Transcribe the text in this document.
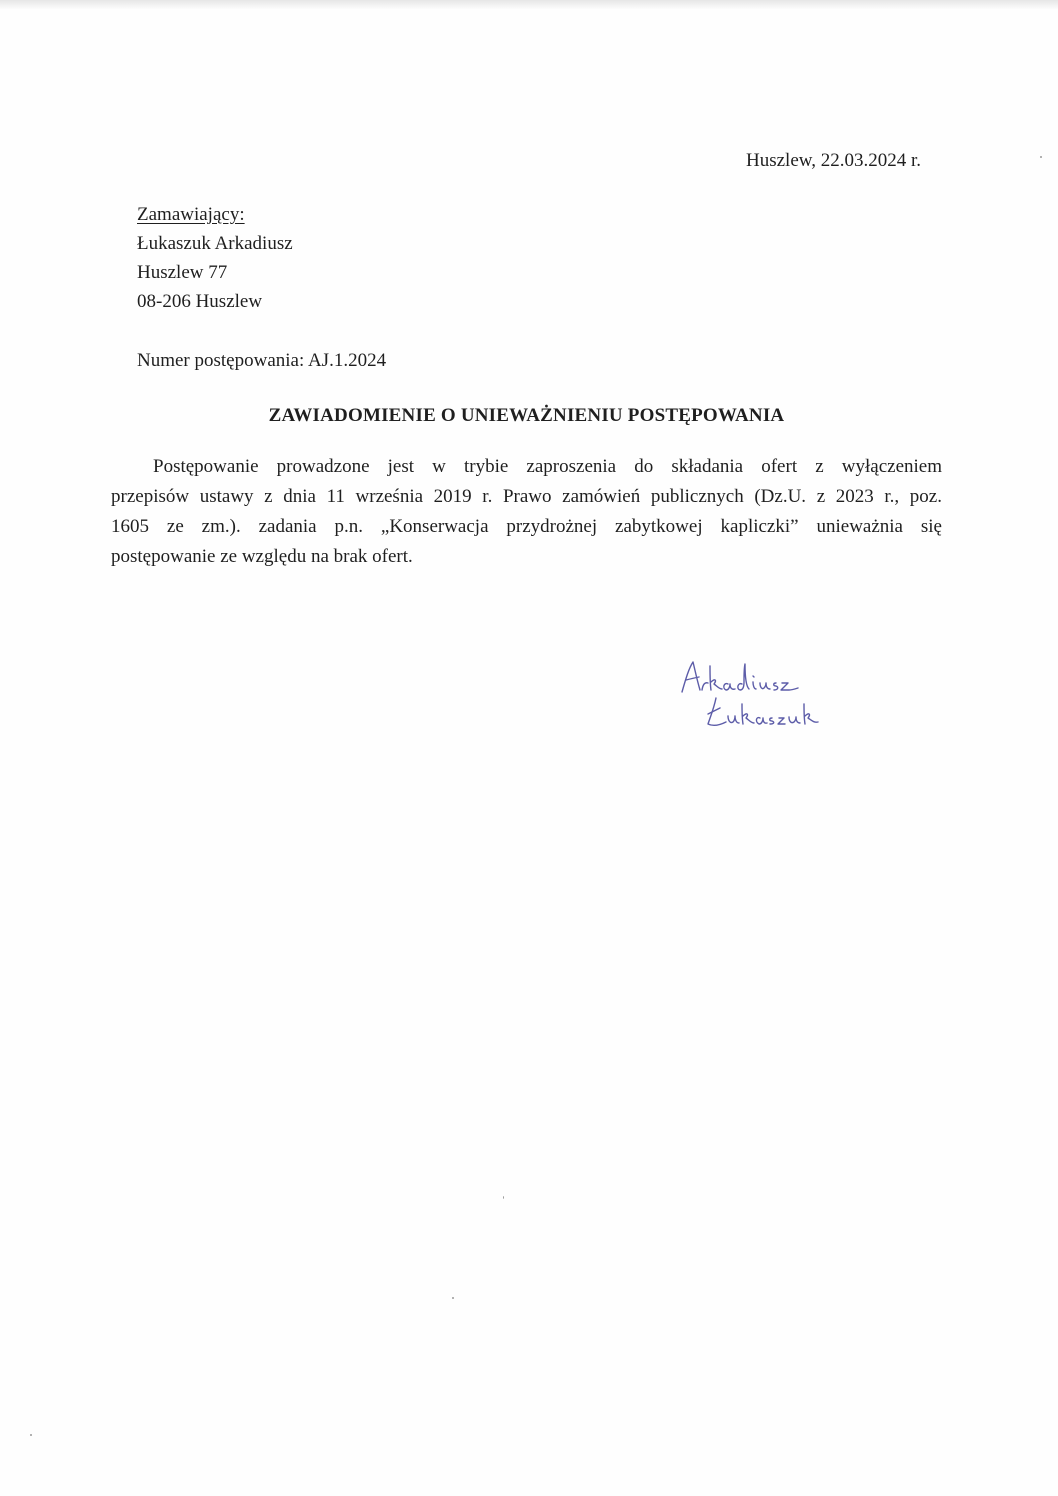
Huszlew, 22.03.2024 r.
Zamawiający:
Łukaszuk Arkadiusz
Huszlew 77
08-206 Huszlew
Numer postępowania: AJ.1.2024
ZAWIADOMIENIE O UNIEWAŻNIENIU POSTĘPOWANIA
Postępowanie prowadzone jest w trybie zaproszenia do składania ofert z wyłączeniem
przepisów ustawy z dnia 11 września 2019 r. Prawo zamówień publicznych (Dz.U. z 2023 r., poz.
1605 ze zm.). zadania p.n. „Konserwacja przydrożnej zabytkowej kapliczki” unieważnia się
postępowanie ze względu na brak ofert.
